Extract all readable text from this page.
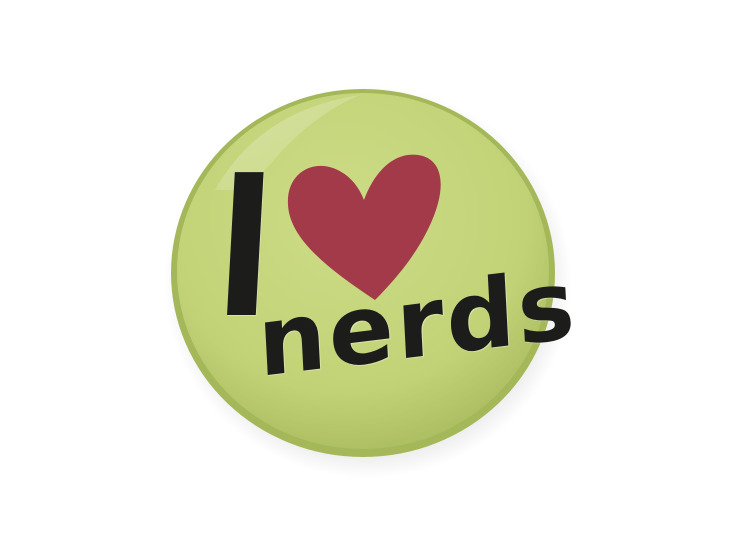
I
nerds
